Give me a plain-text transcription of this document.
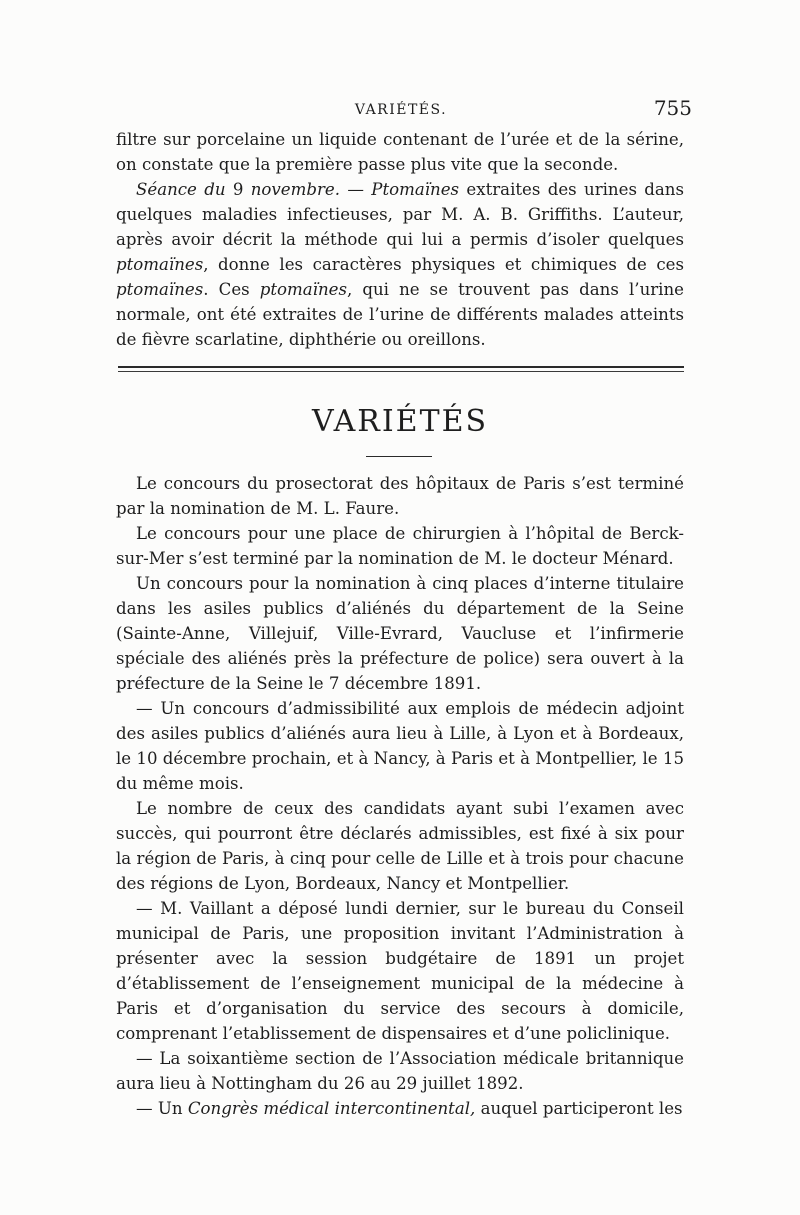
VARIÉTÉS.	755

filtre sur porcelaine un liquide contenant de l’urée et de la sérine, on constate que la première passe plus vite que la seconde.

Séance du 9 novembre. — Ptomaïnes extraites des urines dans quelques maladies infectieuses, par M. A. B. Griffiths. L’auteur, après avoir décrit la méthode qui lui a permis d’isoler quelques ptomaïnes, donne les caractères physiques et chimiques de ces ptomaïnes. Ces ptomaïnes, qui ne se trouvent pas dans l’urine normale, ont été extraites de l’urine de différents malades atteints de fièvre scarlatine, diphthérie ou oreillons.

VARIÉTÉS

Le concours du prosectorat des hôpitaux de Paris s’est terminé par la nomination de M. L. Faure.

Le concours pour une place de chirurgien à l’hôpital de Berck-sur-Mer s’est terminé par la nomination de M. le docteur Ménard.

Un concours pour la nomination à cinq places d’interne titulaire dans les asiles publics d’aliénés du département de la Seine (Sainte-Anne, Villejuif, Ville-Evrard, Vaucluse et l’infirmerie spéciale des aliénés près la préfecture de police) sera ouvert à la préfecture de la Seine le 7 décembre 1891.

— Un concours d’admissibilité aux emplois de médecin adjoint des asiles publics d’aliénés aura lieu à Lille, à Lyon et à Bordeaux, le 10 décembre prochain, et à Nancy, à Paris et à Montpellier, le 15 du même mois.

Le nombre de ceux des candidats ayant subi l’examen avec succès, qui pourront être déclarés admissibles, est fixé à six pour la région de Paris, à cinq pour celle de Lille et à trois pour chacune des régions de Lyon, Bordeaux, Nancy et Montpellier.

— M. Vaillant a déposé lundi dernier, sur le bureau du Conseil municipal de Paris, une proposition invitant l’Administration à présenter avec la session budgétaire de 1891 un projet d’établissement de l’enseignement municipal de la médecine à Paris et d’organisation du service des secours à domicile, comprenant l’etablissement de dispensaires et d’une policlinique.

— La soixantième section de l’Association médicale britannique aura lieu à Nottingham du 26 au 29 juillet 1892.

— Un Congrès médical intercontinental, auquel participeront les
